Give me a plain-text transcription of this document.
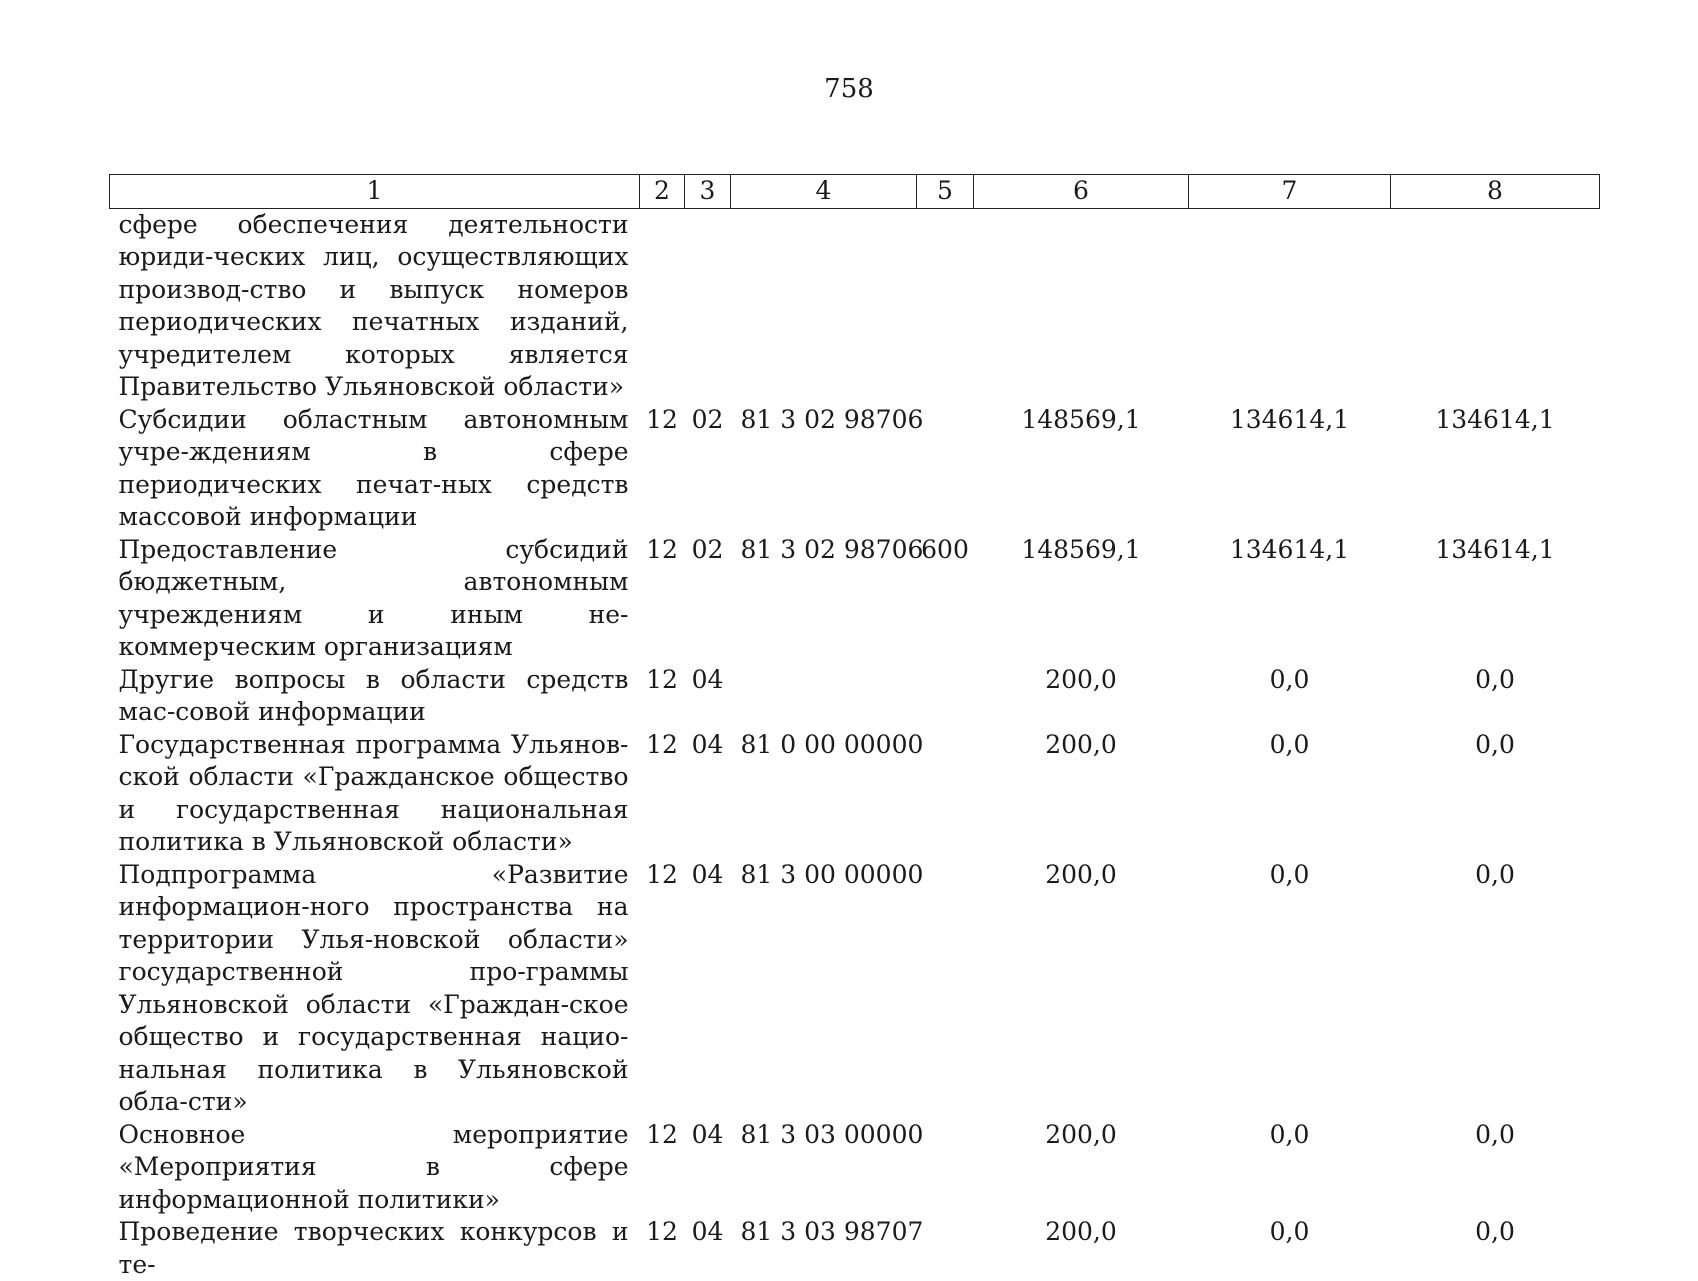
758
1	2	3	4	5	6	7	8
сфере обеспечения деятельности юриди-ческих лиц, осуществляющих производ-ство и выпуск номеров периодических печатных изданий, учредителем которых является Правительство Ульяновской области»							
Субсидии областным автономным учре-ждениям в сфере периодических печат-ных средств массовой информации	12	02	81 3 02 98706		148569,1	134614,1	134614,1
Предоставление субсидий бюджетным, автономным учреждениям и иным не-коммерческим организациям	12	02	81 3 02 98706	600	148569,1	134614,1	134614,1
Другие вопросы в области средств мас-совой информации	12	04			200,0	0,0	0,0
Государственная программа Ульянов-ской области «Гражданское общество и государственная национальная политика в Ульяновской области»	12	04	81 0 00 00000		200,0	0,0	0,0
Подпрограмма «Развитие информацион-ного пространства на территории Улья-новской области» государственной про-граммы Ульяновской области «Граждан-ское общество и государственная нацио-нальная политика в Ульяновской обла-сти»	12	04	81 3 00 00000		200,0	0,0	0,0
Основное мероприятие «Мероприятия в сфере информационной политики»	12	04	81 3 03 00000		200,0	0,0	0,0
Проведение творческих конкурсов и те-	12	04	81 3 03 98707		200,0	0,0	0,0
